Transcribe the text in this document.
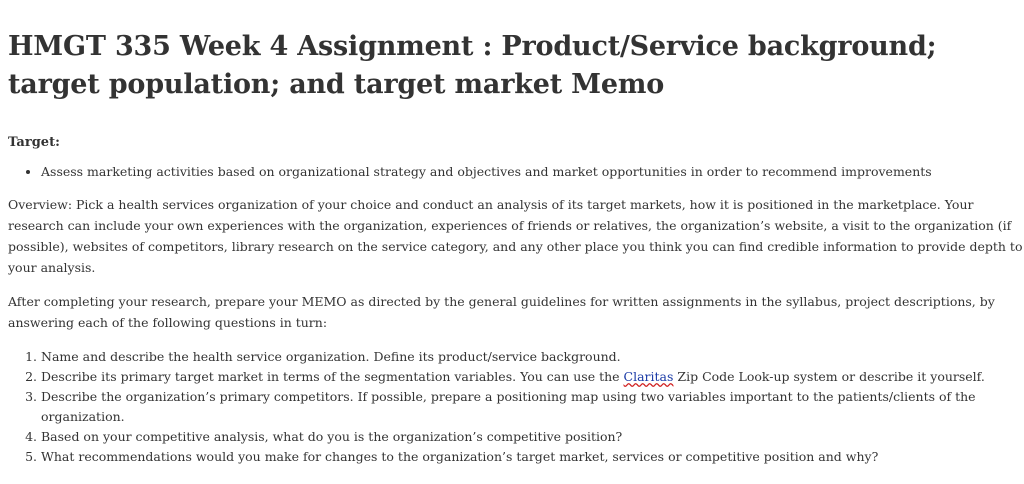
HMGT 335 Week 4 Assignment : Product/Service background; target population; and target market Memo
Target:
• Assess marketing activities based on organizational strategy and objectives and market opportunities in order to recommend improvements

Overview: Pick a health services organization of your choice and conduct an analysis of its target markets, how it is positioned in the marketplace. Your research can include your own experiences with the organization, experiences of friends or relatives, the organization’s website, a visit to the organization (if possible), websites of competitors, library research on the service category, and any other place you think you can find credible information to provide depth to your analysis.

After completing your research, prepare your MEMO as directed by the general guidelines for written assignments in the syllabus, project descriptions, by answering each of the following questions in turn:

1. Name and describe the health service organization. Define its product/service background.
2. Describe its primary target market in terms of the segmentation variables. You can use the Claritas Zip Code Look-up system or describe it yourself.
3. Describe the organization’s primary competitors. If possible, prepare a positioning map using two variables important to the patients/clients of the organization.
4. Based on your competitive analysis, what do you is the organization’s competitive position?
5. What recommendations would you make for changes to the organization’s target market, services or competitive position and why?
